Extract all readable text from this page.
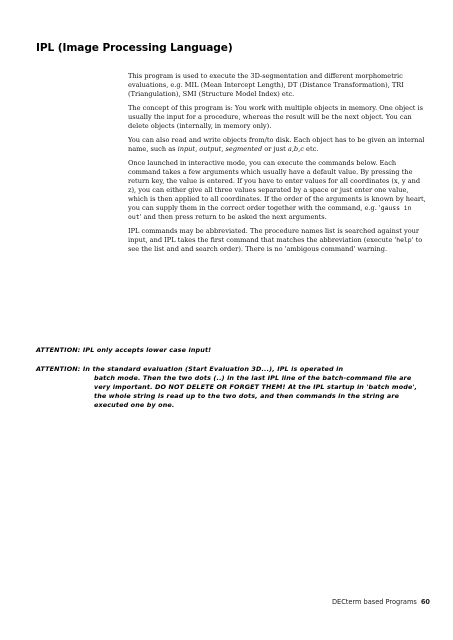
IPL (Image Processing Language)

This program is used to execute the 3D-segmentation and different morphometric evaluations, e.g. MIL (Mean Intercept Length), DT (Distance Transformation), TRI (Triangulation), SMI (Structure Model Index) etc.

The concept of this program is: You work with multiple objects in memory. One object is usually the input for a procedure, whereas the result will be the next object. You can delete objects (internally, in memory only).

You can also read and write objects from/to disk. Each object has to be given an internal name, such as input, output, segmented or just a,b,c etc.

Once launched in interactive mode, you can execute the commands below. Each command takes a few arguments which usually have a default value. By pressing the return key, the value is entered. If you have to enter values for all coordinates (x, y and z), you can either give all three values separated by a space or just enter one value, which is then applied to all coordinates. If the order of the arguments is known by heart, you can supply them in the correct order together with the command, e.g. 'gauss in out' and then press return to be asked the next arguments.

IPL commands may be abbreviated. The procedure names list is searched against your input, and IPL takes the first command that matches the abbreviation (execute 'help' to see the list and and search order). There is no 'ambigous command' warning.

ATTENTION: IPL only accepts lower case input!
ATTENTION: In the standard evaluation (Start Evaluation 3D...), IPL is operated in
batch mode. Then the two dots (..) in the last IPL line of the batch-command file are very important. DO NOT DELETE OR FORGET THEM! At the IPL startup in 'batch mode', the whole string is read up to the two dots, and then commands in the string are executed one by one.
DECterm based Programs 60
